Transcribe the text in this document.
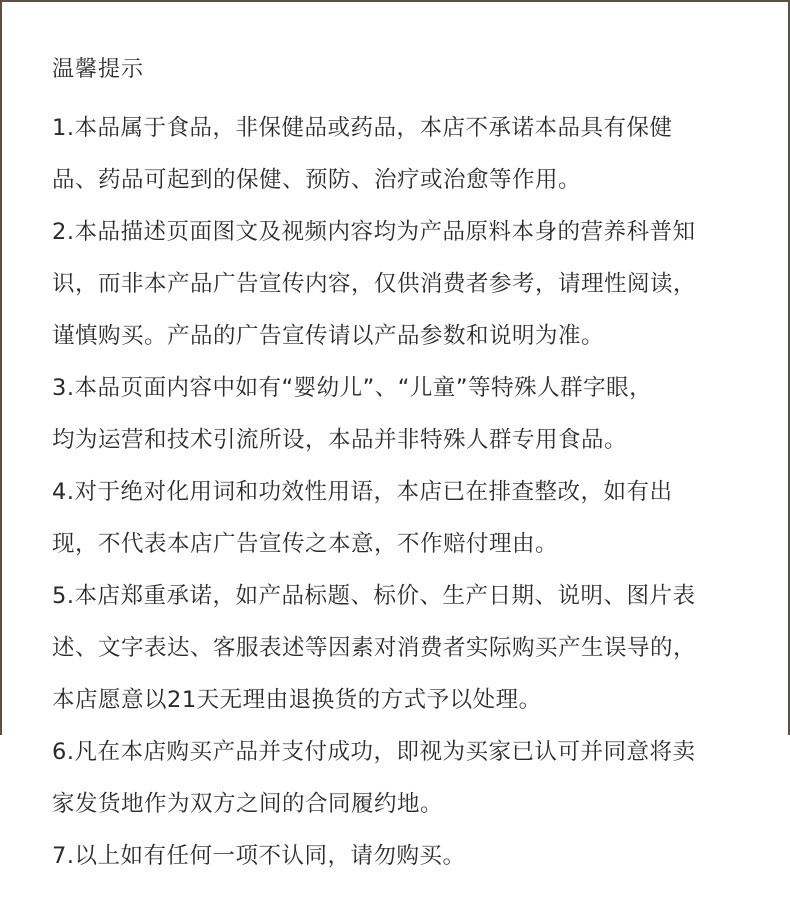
温馨提示
1.本品属于食品，非保健品或药品，本店不承诺本品具有保健
品、药品可起到的保健、预防、治疗或治愈等作用。
2.本品描述页面图文及视频内容均为产品原料本身的营养科普知
识，而非本产品广告宣传内容，仅供消费者参考，请理性阅读，
谨慎购买。产品的广告宣传请以产品参数和说明为准。
3.本品页面内容中如有“婴幼儿”、“儿童”等特殊人群字眼，
均为运营和技术引流所设，本品并非特殊人群专用食品。
4.对于绝对化用词和功效性用语，本店已在排查整改，如有出
现，不代表本店广告宣传之本意，不作赔付理由。
5.本店郑重承诺，如产品标题、标价、生产日期、说明、图片表
述、文字表达、客服表述等因素对消费者实际购买产生误导的，
本店愿意以21天无理由退换货的方式予以处理。
6.凡在本店购买产品并支付成功，即视为买家已认可并同意将卖
家发货地作为双方之间的合同履约地。
7.以上如有任何一项不认同，请勿购买。
